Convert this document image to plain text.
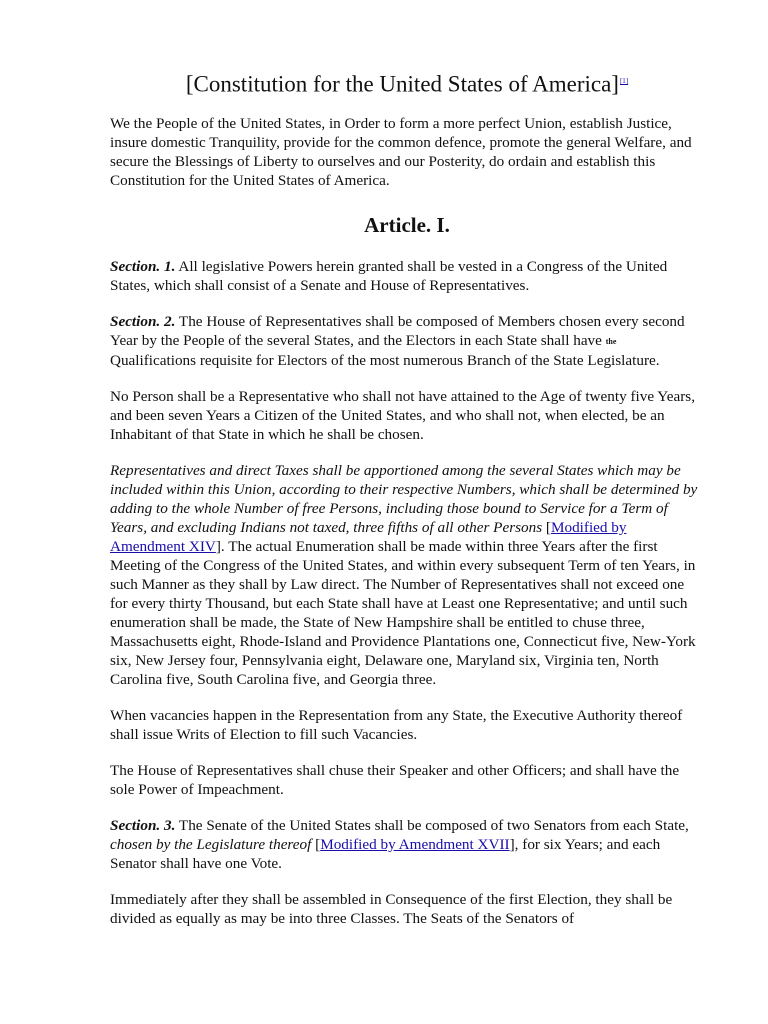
[Constitution for the United States of America][1]

We the People of the United States, in Order to form a more perfect Union, establish Justice, insure domestic Tranquility, provide for the common defence, promote the general Welfare, and secure the Blessings of Liberty to ourselves and our Posterity, do ordain and establish this Constitution for the United States of America.

Article. I.

Section. 1. All legislative Powers herein granted shall be vested in a Congress of the United States, which shall consist of a Senate and House of Representatives.

Section. 2. The House of Representatives shall be composed of Members chosen every second Year by the People of the several States, and the Electors in each State shall have the Qualifications requisite for Electors of the most numerous Branch of the State Legislature.

No Person shall be a Representative who shall not have attained to the Age of twenty five Years, and been seven Years a Citizen of the United States, and who shall not, when elected, be an Inhabitant of that State in which he shall be chosen.

Representatives and direct Taxes shall be apportioned among the several States which may be included within this Union, according to their respective Numbers, which shall be determined by adding to the whole Number of free Persons, including those bound to Service for a Term of Years, and excluding Indians not taxed, three fifths of all other Persons [Modified by Amendment XIV]. The actual Enumeration shall be made within three Years after the first Meeting of the Congress of the United States, and within every subsequent Term of ten Years, in such Manner as they shall by Law direct. The Number of Representatives shall not exceed one for every thirty Thousand, but each State shall have at Least one Representative; and until such enumeration shall be made, the State of New Hampshire shall be entitled to chuse three, Massachusetts eight, Rhode-Island and Providence Plantations one, Connecticut five, New-York six, New Jersey four, Pennsylvania eight, Delaware one, Maryland six, Virginia ten, North Carolina five, South Carolina five, and Georgia three.

When vacancies happen in the Representation from any State, the Executive Authority thereof shall issue Writs of Election to fill such Vacancies.

The House of Representatives shall chuse their Speaker and other Officers; and shall have the sole Power of Impeachment.

Section. 3. The Senate of the United States shall be composed of two Senators from each State, chosen by the Legislature thereof [Modified by Amendment XVII], for six Years; and each Senator shall have one Vote.

Immediately after they shall be assembled in Consequence of the first Election, they shall be divided as equally as may be into three Classes. The Seats of the Senators of
